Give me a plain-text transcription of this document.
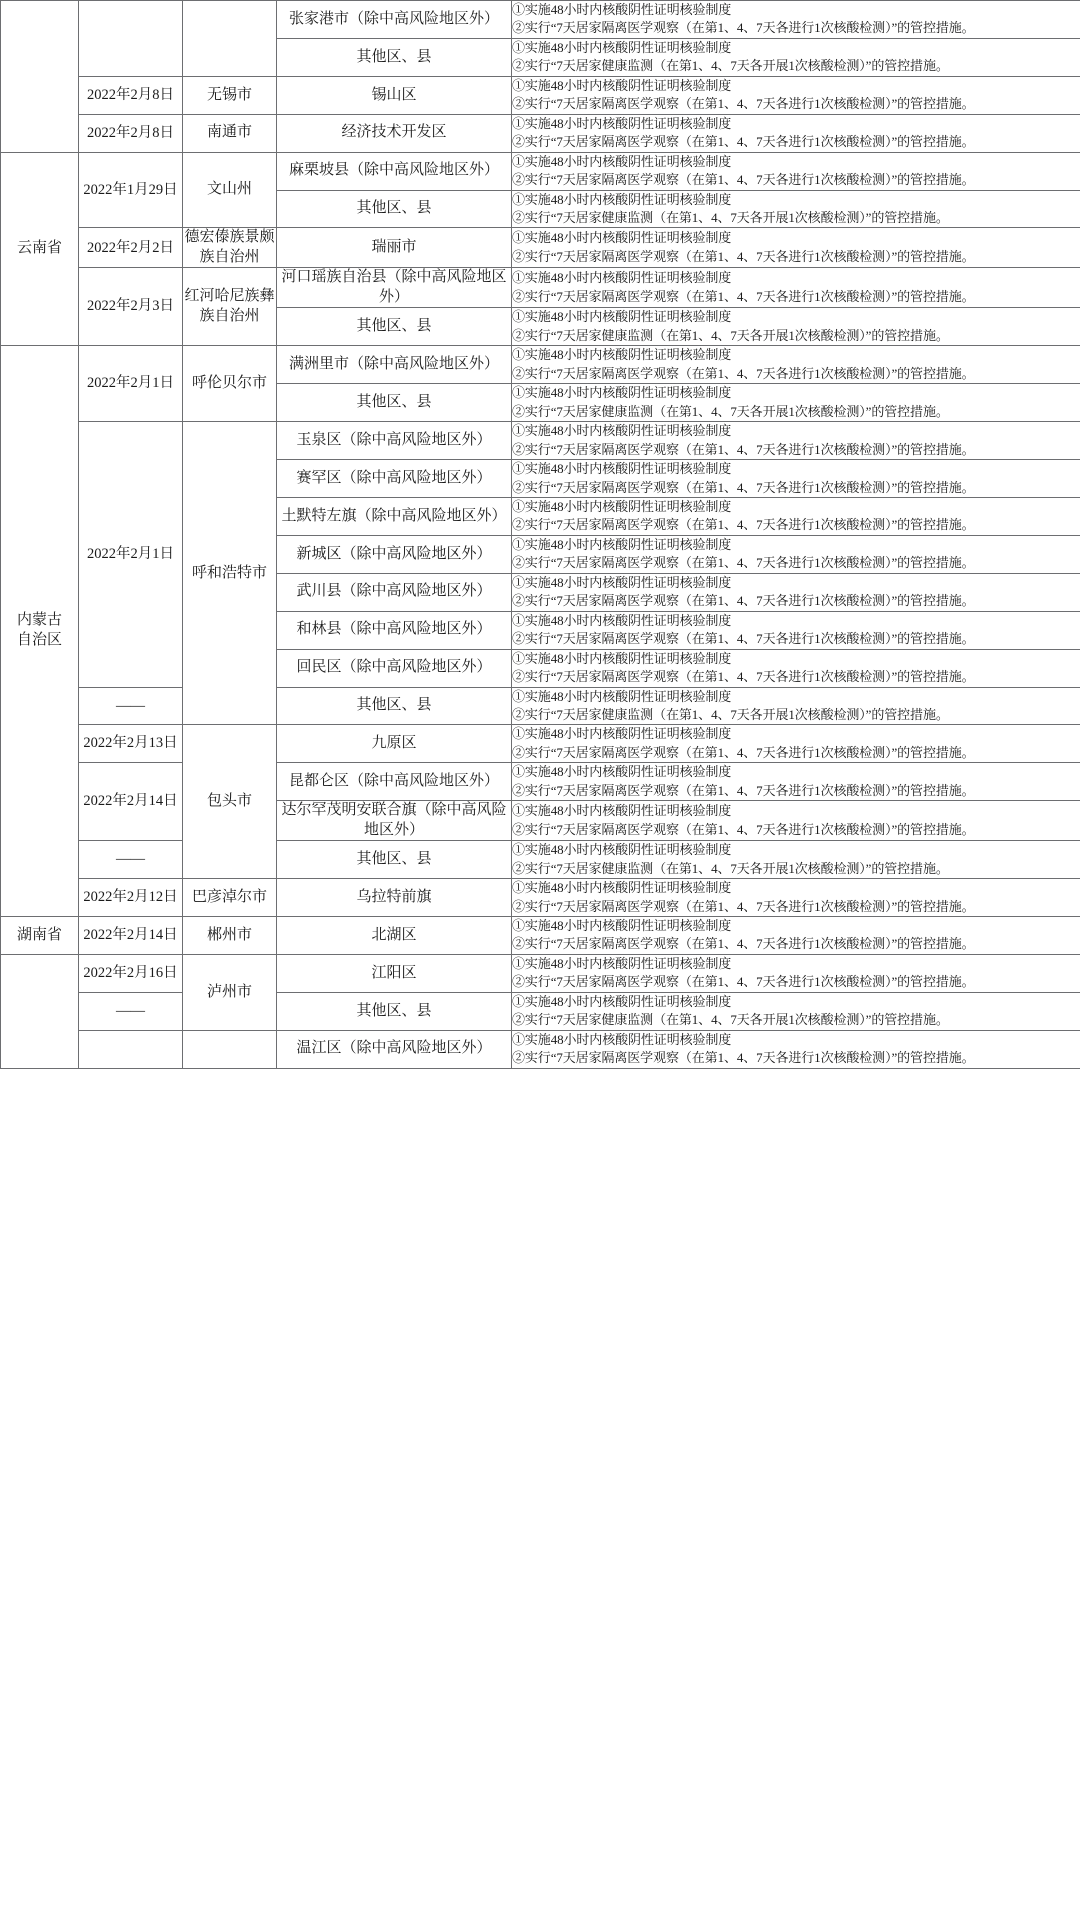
			张家港市（除中高风险地区外）	①实施48小时内核酸阴性证明核验制度
②实行“7天居家隔离医学观察（在第1、4、7天各进行1次核酸检测）”的管控措施。
			其他区、县	①实施48小时内核酸阴性证明核验制度
②实行“7天居家健康监测（在第1、4、7天各开展1次核酸检测）”的管控措施。
	2022年2月8日	无锡市	锡山区	①实施48小时内核酸阴性证明核验制度
②实行“7天居家隔离医学观察（在第1、4、7天各进行1次核酸检测）”的管控措施。
	2022年2月8日	南通市	经济技术开发区	①实施48小时内核酸阴性证明核验制度
②实行“7天居家隔离医学观察（在第1、4、7天各进行1次核酸检测）”的管控措施。
云南省	2022年1月29日	文山州	麻栗坡县（除中高风险地区外）	①实施48小时内核酸阴性证明核验制度
②实行“7天居家隔离医学观察（在第1、4、7天各进行1次核酸检测）”的管控措施。
			其他区、县	①实施48小时内核酸阴性证明核验制度
②实行“7天居家健康监测（在第1、4、7天各开展1次核酸检测）”的管控措施。
	2022年2月2日	德宏傣族景颇族自治州	瑞丽市	①实施48小时内核酸阴性证明核验制度
②实行“7天居家隔离医学观察（在第1、4、7天各进行1次核酸检测）”的管控措施。
	2022年2月3日	红河哈尼族彝族自治州	河口瑶族自治县（除中高风险地区外）	①实施48小时内核酸阴性证明核验制度
②实行“7天居家隔离医学观察（在第1、4、7天各进行1次核酸检测）”的管控措施。
			其他区、县	①实施48小时内核酸阴性证明核验制度
②实行“7天居家健康监测（在第1、4、7天各开展1次核酸检测）”的管控措施。
内蒙古
自治区	2022年2月1日	呼伦贝尔市	满洲里市（除中高风险地区外）	①实施48小时内核酸阴性证明核验制度
②实行“7天居家隔离医学观察（在第1、4、7天各进行1次核酸检测）”的管控措施。
			其他区、县	①实施48小时内核酸阴性证明核验制度
②实行“7天居家健康监测（在第1、4、7天各开展1次核酸检测）”的管控措施。
	2022年2月1日	呼和浩特市	玉泉区（除中高风险地区外）	①实施48小时内核酸阴性证明核验制度
②实行“7天居家隔离医学观察（在第1、4、7天各进行1次核酸检测）”的管控措施。
			赛罕区（除中高风险地区外）	①实施48小时内核酸阴性证明核验制度
②实行“7天居家隔离医学观察（在第1、4、7天各进行1次核酸检测）”的管控措施。
			土默特左旗（除中高风险地区外）	①实施48小时内核酸阴性证明核验制度
②实行“7天居家隔离医学观察（在第1、4、7天各进行1次核酸检测）”的管控措施。
			新城区（除中高风险地区外）	①实施48小时内核酸阴性证明核验制度
②实行“7天居家隔离医学观察（在第1、4、7天各进行1次核酸检测）”的管控措施。
			武川县（除中高风险地区外）	①实施48小时内核酸阴性证明核验制度
②实行“7天居家隔离医学观察（在第1、4、7天各进行1次核酸检测）”的管控措施。
			和林县（除中高风险地区外）	①实施48小时内核酸阴性证明核验制度
②实行“7天居家隔离医学观察（在第1、4、7天各进行1次核酸检测）”的管控措施。
			回民区（除中高风险地区外）	①实施48小时内核酸阴性证明核验制度
②实行“7天居家隔离医学观察（在第1、4、7天各进行1次核酸检测）”的管控措施。
	——		其他区、县	①实施48小时内核酸阴性证明核验制度
②实行“7天居家健康监测（在第1、4、7天各开展1次核酸检测）”的管控措施。
	2022年2月13日	包头市	九原区	①实施48小时内核酸阴性证明核验制度
②实行“7天居家隔离医学观察（在第1、4、7天各进行1次核酸检测）”的管控措施。
	2022年2月14日		昆都仑区（除中高风险地区外）	①实施48小时内核酸阴性证明核验制度
②实行“7天居家隔离医学观察（在第1、4、7天各进行1次核酸检测）”的管控措施。
			达尔罕茂明安联合旗（除中高风险地区外）	①实施48小时内核酸阴性证明核验制度
②实行“7天居家隔离医学观察（在第1、4、7天各进行1次核酸检测）”的管控措施。
	——		其他区、县	①实施48小时内核酸阴性证明核验制度
②实行“7天居家健康监测（在第1、4、7天各开展1次核酸检测）”的管控措施。
	2022年2月12日	巴彦淖尔市	乌拉特前旗	①实施48小时内核酸阴性证明核验制度
②实行“7天居家隔离医学观察（在第1、4、7天各进行1次核酸检测）”的管控措施。
湖南省	2022年2月14日	郴州市	北湖区	①实施48小时内核酸阴性证明核验制度
②实行“7天居家隔离医学观察（在第1、4、7天各进行1次核酸检测）”的管控措施。
	2022年2月16日	泸州市	江阳区	①实施48小时内核酸阴性证明核验制度
②实行“7天居家隔离医学观察（在第1、4、7天各进行1次核酸检测）”的管控措施。
	——		其他区、县	①实施48小时内核酸阴性证明核验制度
②实行“7天居家健康监测（在第1、4、7天各开展1次核酸检测）”的管控措施。
			温江区（除中高风险地区外）	①实施48小时内核酸阴性证明核验制度
②实行“7天居家隔离医学观察（在第1、4、7天各进行1次核酸检测）”的管控措施。
